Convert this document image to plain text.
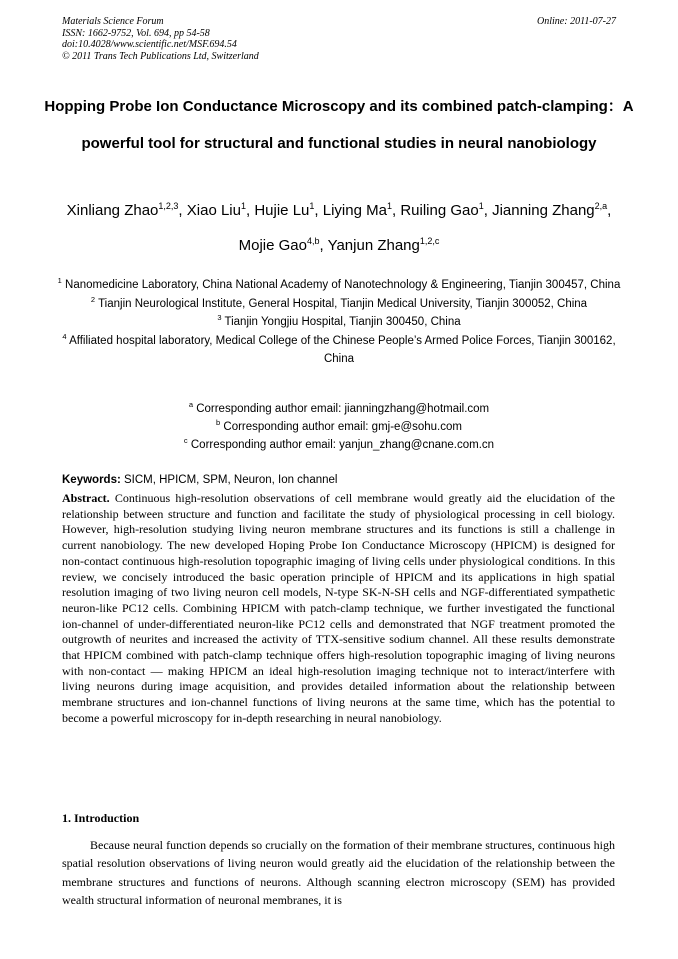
Materials Science Forum
ISSN: 1662-9752, Vol. 694, pp 54-58
doi:10.4028/www.scientific.net/MSF.694.54
© 2011 Trans Tech Publications Ltd, Switzerland
Online: 2011-07-27
Hopping Probe Ion Conductance Microscopy and its combined patch-clamping：A powerful tool for structural and functional studies in neural nanobiology
Xinliang Zhao$^{1,2,3}$, Xiao Liu$^1$, Hujie Lu$^1$, Liying Ma$^1$, Ruiling Gao$^1$, Jianning Zhang$^{2,a}$, Mojie Gao$^{4,b}$, Yanjun Zhang$^{1,2,c}$
$^1$ Nanomedicine Laboratory, China National Academy of Nanotechnology & Engineering, Tianjin 300457, China
$^2$ Tianjin Neurological Institute, General Hospital, Tianjin Medical University, Tianjin 300052, China
$^3$ Tianjin Yongjiu Hospital, Tianjin 300450, China
$^4$ Affiliated hospital laboratory, Medical College of the Chinese People’s Armed Police Forces, Tianjin 300162, China
$^a$ Corresponding author email: jianningzhang@hotmail.com
$^b$ Corresponding author email: gmj-e@sohu.com
$^c$ Corresponding author email: yanjun_zhang@cnane.com.cn
Keywords: SICM, HPICM, SPM, Neuron, Ion channel
Abstract. Continuous high-resolution observations of cell membrane would greatly aid the elucidation of the relationship between structure and function and facilitate the study of physiological processing in cell biology. However, high-resolution studying living neuron membrane structures and its functions is still a challenge in current nanobiology. The new developed Hoping Probe Ion Conductance Microscopy (HPICM) is designed for non-contact continuous high-resolution topographic imaging of living cells under physiological conditions. In this review, we concisely introduced the basic operation principle of HPICM and its applications in high spatial resolution imaging of two living neuron cell models, N-type SK-N-SH cells and NGF-differentiated sympathetic neuron-like PC12 cells. Combining HPICM with patch-clamp technique, we further investigated the functional ion-channel of under-differentiated neuron-like PC12 cells and demonstrated that NGF treatment promoted the outgrowth of neurites and increased the activity of TTX-sensitive sodium channel. All these results demonstrate that HPICM combined with patch-clamp technique offers high-resolution topographic imaging of living neurons with non-contact — making HPICM an ideal high-resolution imaging technique not to interact/interfere with living neurons during image acquisition, and provides detailed information about the relationship between membrane structures and ion-channel functions of living neurons at the same time, which has the potential to become a powerful microscopy for in-depth researching in neural nanobiology.
1. Introduction
Because neural function depends so crucially on the formation of their membrane structures, continuous high spatial resolution observations of living neuron would greatly aid the elucidation of the relationship between the membrane structures and functions of neurons. Although scanning electron microscopy (SEM) has provided wealth structural information of neuronal membranes, it is
